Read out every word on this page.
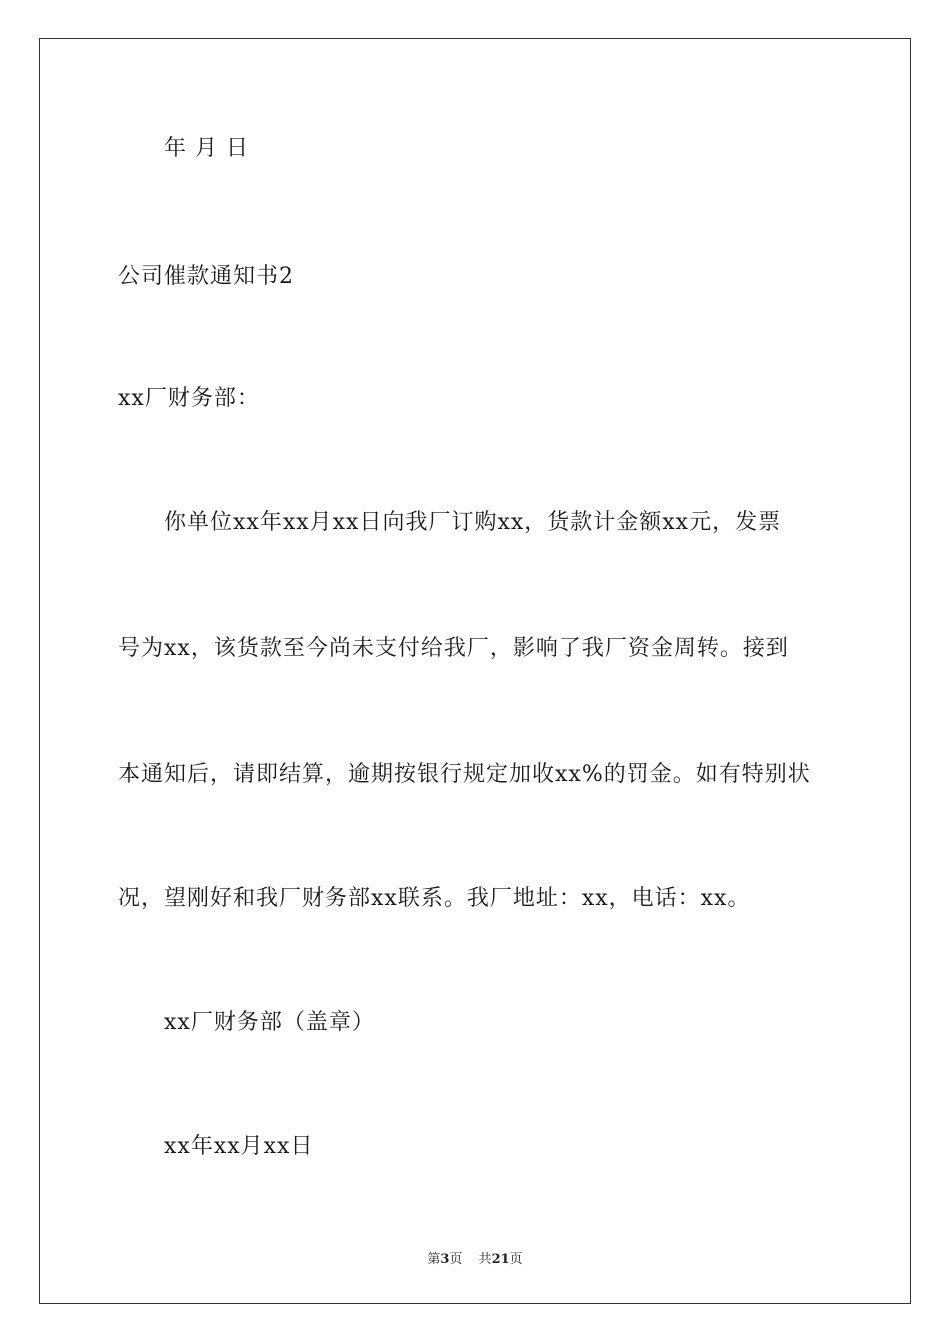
年 月 日
公司催款通知书2
xx厂财务部：
你单位xx年xx月xx日向我厂订购xx，货款计金额xx元，发票
号为xx，该货款至今尚未支付给我厂，影响了我厂资金周转。接到
本通知后，请即结算，逾期按银行规定加收xx%的罚金。如有特别状
况，望刚好和我厂财务部xx联系。我厂地址：xx，电话：xx。
xx厂财务部（盖章）
xx年xx月xx日
第3页 共21页
